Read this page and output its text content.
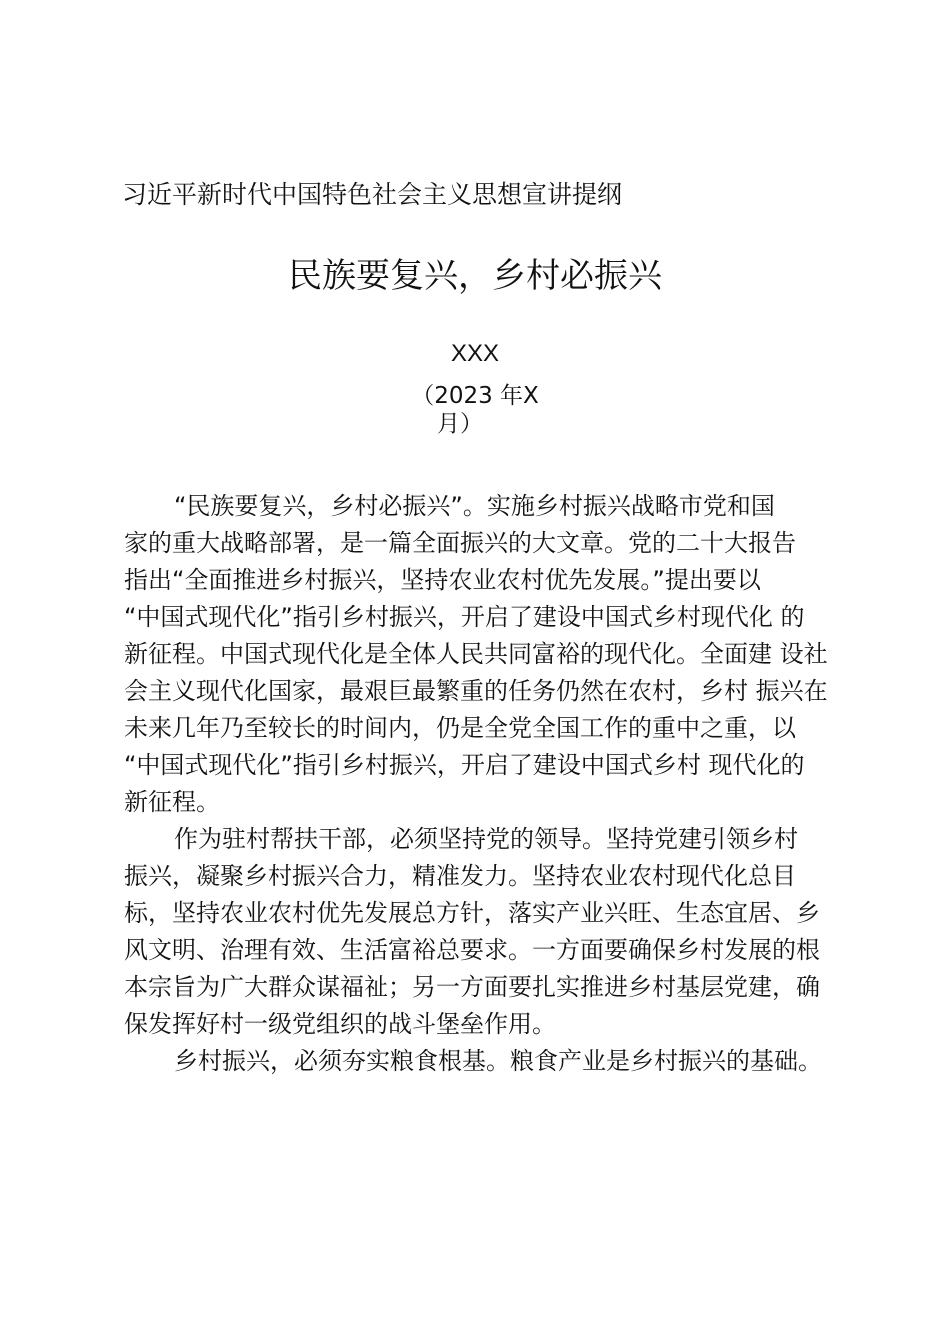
习近平新时代中国特色社会主义思想宣讲提纲
民族要复兴，乡村必振兴
XXX
（2023 年X
月）
“民族要复兴，乡村必振兴”。实施乡村振兴战略市党和国
家的重大战略部署，是一篇全面振兴的大文章。党的二十大报告
指出“全面推进乡村振兴，坚持农业农村优先发展。”提出要以
“中国式现代化”指引乡村振兴，开启了建设中国式乡村现代化 的
新征程。中国式现代化是全体人民共同富裕的现代化。全面建 设社
会主义现代化国家，最艰巨最繁重的任务仍然在农村，乡村 振兴在
未来几年乃至较长的时间内，仍是全党全国工作的重中之重，以
“中国式现代化”指引乡村振兴，开启了建设中国式乡村 现代化的
新征程。
作为驻村帮扶干部，必须坚持党的领导。坚持党建引领乡村
振兴，凝聚乡村振兴合力，精准发力。坚持农业农村现代化总目
标，坚持农业农村优先发展总方针，落实产业兴旺、生态宜居、乡
风文明、治理有效、生活富裕总要求。一方面要确保乡村发展的根
本宗旨为广大群众谋福祉；另一方面要扎实推进乡村基层党建，确
保发挥好村一级党组织的战斗堡垒作用。
乡村振兴，必须夯实粮食根基。粮食产业是乡村振兴的基础。
